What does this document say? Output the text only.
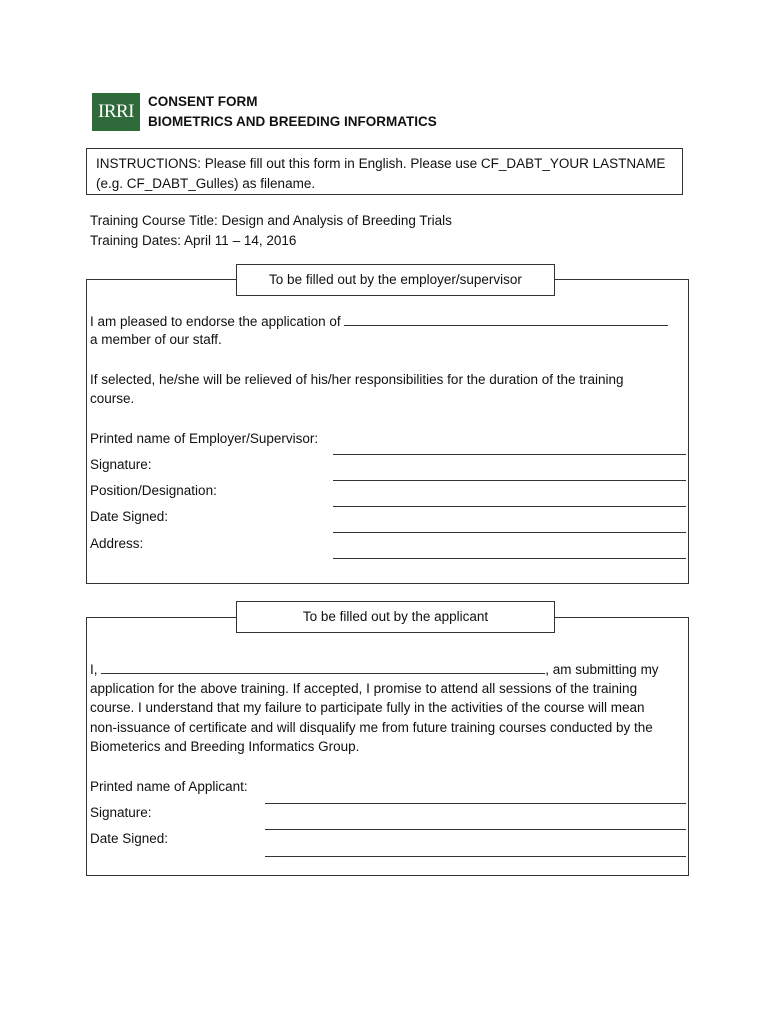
IRRI CONSENT FORM
BIOMETRICS AND BREEDING INFORMATICS
INSTRUCTIONS: Please fill out this form in English. Please use CF_DABT_YOUR LASTNAME
(e.g. CF_DABT_Gulles) as filename.
Training Course Title: Design and Analysis of Breeding Trials
Training Dates: April 11 – 14, 2016
To be filled out by the employer/supervisor
I am pleased to endorse the application of
a member of our staff.
If selected, he/she will be relieved of his/her responsibilities for the duration of the training
course.
Printed name of Employer/Supervisor:
Signature:
Position/Designation:
Date Signed:
Address:
To be filled out by the applicant
I,	, am submitting my
application for the above training. If accepted, I promise to attend all sessions of the training
course. I understand that my failure to participate fully in the activities of the course will mean
non-issuance of certificate and will disqualify me from future training courses conducted by the
Biometerics and Breeding Informatics Group.
Printed name of Applicant:
Signature:
Date Signed:
